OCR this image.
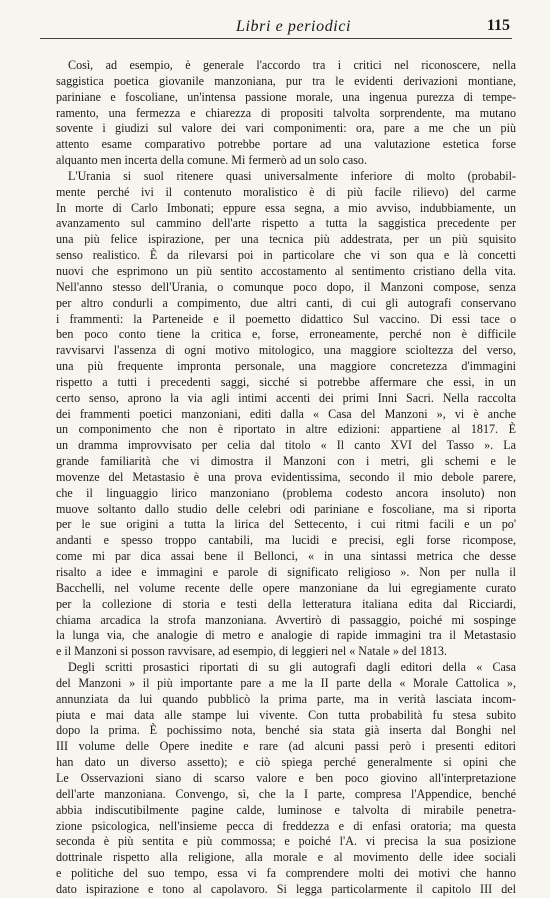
Libri e periodici	115
Così, ad esempio, è generale l'accordo tra i critici nel riconoscere, nella
saggistica poetica giovanile manzoniana, pur tra le evidenti derivazioni montiane,
pariniane e foscoliane, un'intensa passione morale, una ingenua purezza di tempe-
ramento, una fermezza e chiarezza di propositi talvolta sorprendente, ma mutano
sovente i giudizi sul valore dei vari componimenti: ora, pare a me che un più
attento esame comparativo potrebbe portare ad una valutazione estetica forse
alquanto men incerta della comune. Mi fermerò ad un solo caso.
L'Urania si suol ritenere quasi universalmente inferiore di molto (probabil-
mente perché ivi il contenuto moralistico è di più facile rilievo) del carme
In morte di Carlo Imbonati; eppure essa segna, a mio avviso, indubbiamente, un
avanzamento sul cammino dell'arte rispetto a tutta la saggistica precedente per
una più felice ispirazione, per una tecnica più addestrata, per un più squisito
senso realistico. È da rilevarsi poi in particolare che vi son qua e là concetti
nuovi che esprimono un più sentito accostamento al sentimento cristiano della vita.
Nell'anno stesso dell'Urania, o comunque poco dopo, il Manzoni compose, senza
per altro condurli a compimento, due altri canti, di cui gli autografi conservano
i frammenti: la Parteneide e il poemetto didattico Sul vaccino. Di essi tace o
ben poco conto tiene la critica e, forse, erroneamente, perché non è difficile
ravvisarvi l'assenza di ogni motivo mitologico, una maggiore scioltezza del verso,
una più frequente impronta personale, una maggiore concretezza d'immagini
rispetto a tutti i precedenti saggi, sicché si potrebbe affermare che essi, in un
certo senso, aprono la via agli intimi accenti dei primi Inni Sacri. Nella raccolta
dei frammenti poetici manzoniani, editi dalla « Casa del Manzoni », vi è anche
un componimento che non è riportato in altre edizioni: appartiene al 1817. È
un dramma improvvisato per celia dal titolo « Il canto XVI del Tasso ». La
grande familiarità che vi dimostra il Manzoni con i metri, gli schemi e le
movenze del Metastasio è una prova evidentissima, secondo il mio debole parere,
che il linguaggio lirico manzoniano (problema codesto ancora insoluto) non
muove soltanto dallo studio delle celebri odi pariniane e foscoliane, ma si riporta
per le sue origini a tutta la lirica del Settecento, i cui ritmi facili e un po'
andanti e spesso troppo cantabili, ma lucidi e precisi, egli forse ricompose,
come mi par dica assai bene il Bellonci, « in una sintassi metrica che desse
risalto a idee e immagini e parole di significato religioso ». Non per nulla il
Bacchelli, nel volume recente delle opere manzoniane da lui egregiamente curato
per la collezione di storia e testi della letteratura italiana edita dal Ricciardi,
chiama arcadica la strofa manzoniana. Avvertirò di passaggio, poiché mi sospinge
la lunga via, che analogie di metro e analogie di rapide immagini tra il Metastasio
e il Manzoni si posson ravvisare, ad esempio, di leggieri nel « Natale » del 1813.
Degli scritti prosastici riportati di su gli autografi dagli editori della « Casa
del Manzoni » il più importante pare a me la II parte della « Morale Cattolica »,
annunziata da lui quando pubblicò la prima parte, ma in verità lasciata incom-
piuta e mai data alle stampe lui vivente. Con tutta probabilità fu stesa subito
dopo la prima. È pochissimo nota, benché sia stata già inserta dal Bonghi nel
III volume delle Opere inedite e rare (ad alcuni passi però i presenti editori
han dato un diverso assetto); e ciò spiega perché generalmente si opini che
Le Osservazioni siano di scarso valore e ben poco giovino all'interpretazione
dell'arte manzoniana. Convengo, sì, che la I parte, compresa l'Appendice, benché
abbia indiscutibilmente pagine calde, luminose e talvolta di mirabile penetra-
zione psicologica, nell'insieme pecca di freddezza e di enfasi oratoria; ma questa
seconda è più sentita e più commossa; e poiché l'A. vi precisa la sua posizione
dottrinale rispetto alla religione, alla morale e al movimento delle idee sociali
e politiche del suo tempo, essa vi fa comprendere molti dei motivi che hanno
dato ispirazione e tono al capolavoro. Si legga particolarmente il capitolo III del
